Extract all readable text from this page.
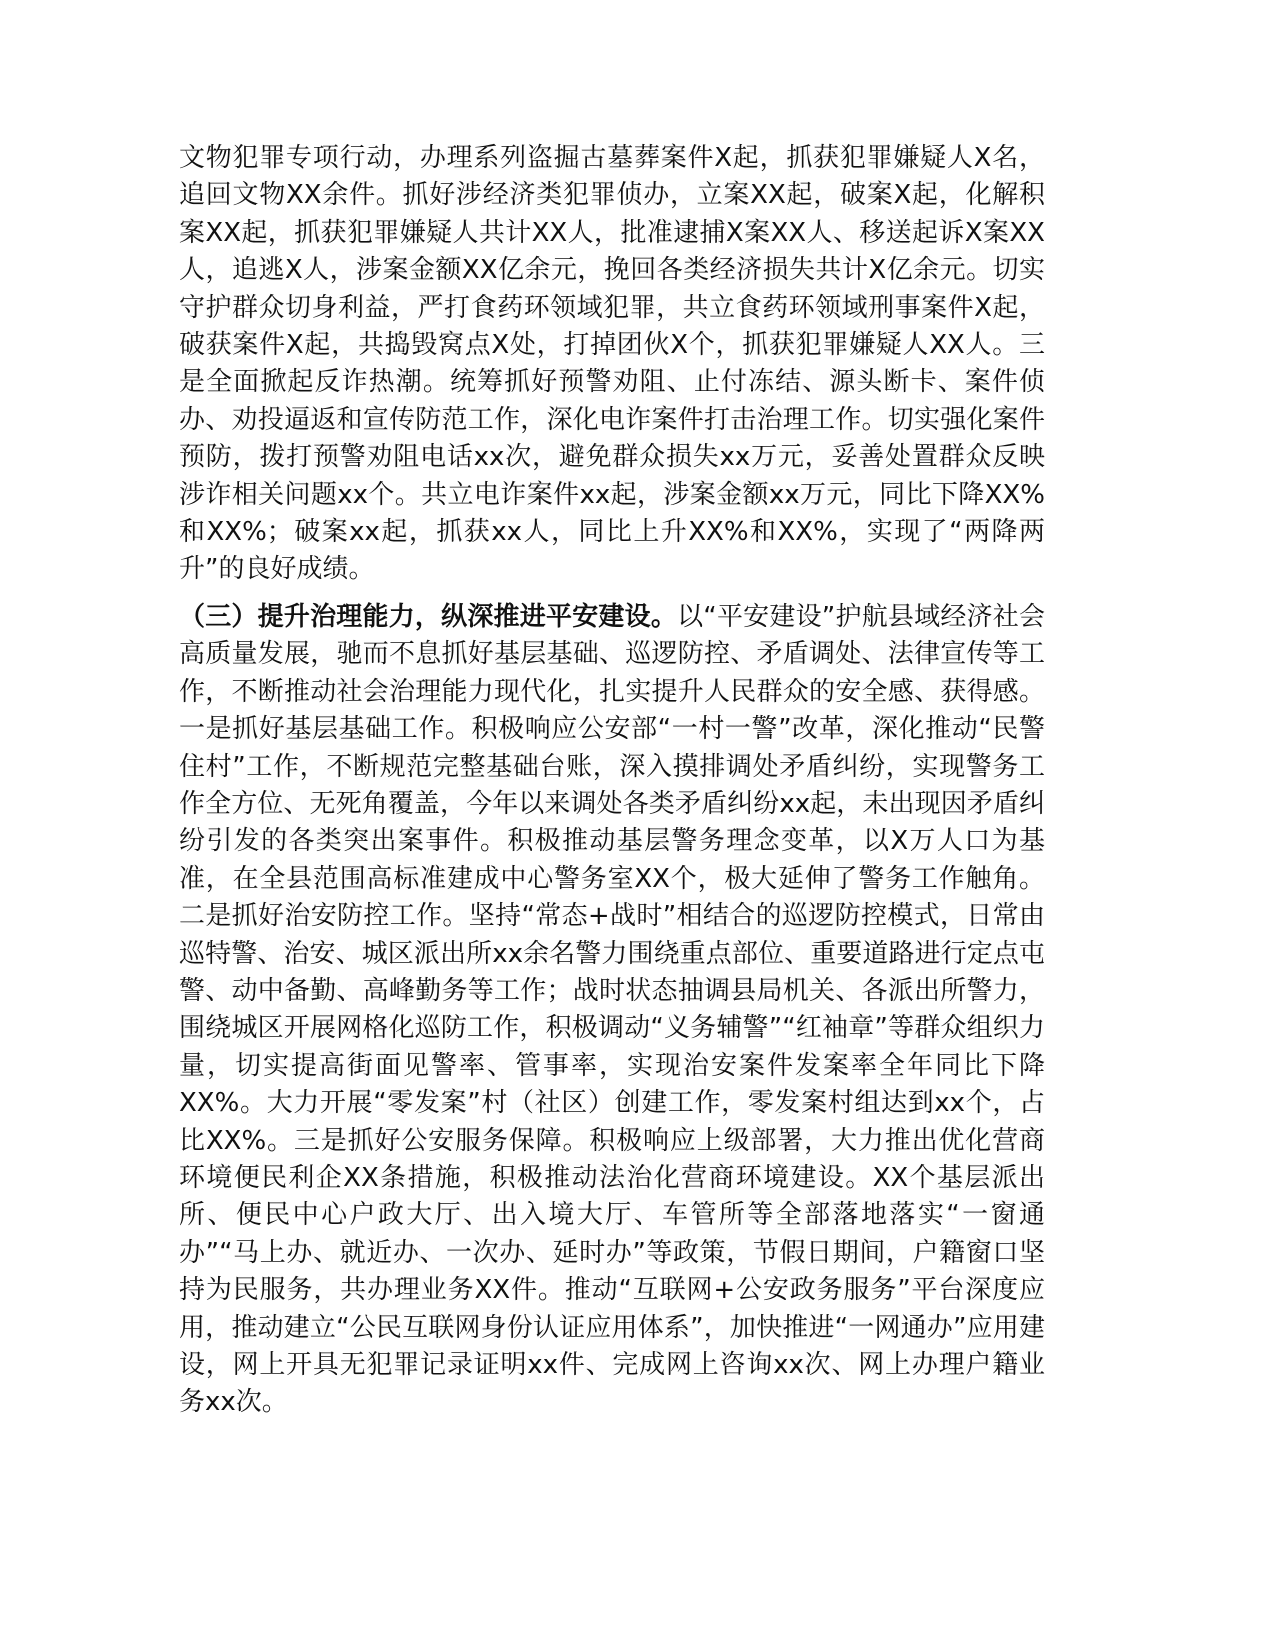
文物犯罪专项行动，办理系列盗掘古墓葬案件X起，抓获犯罪嫌疑人X名，追回文物XX余件。抓好涉经济类犯罪侦办，立案XX起，破案X起，化解积案XX起，抓获犯罪嫌疑人共计XX人，批准逮捕X案XX人、移送起诉X案XX人，追逃X人，涉案金额XX亿余元，挽回各类经济损失共计X亿余元。切实守护群众切身利益，严打食药环领域犯罪，共立食药环领域刑事案件X起，破获案件X起，共捣毁窝点X处，打掉团伙X个，抓获犯罪嫌疑人XX人。三是全面掀起反诈热潮。统筹抓好预警劝阻、止付冻结、源头断卡、案件侦办、劝投逼返和宣传防范工作，深化电诈案件打击治理工作。切实强化案件预防，拨打预警劝阻电话xx次，避免群众损失xx万元，妥善处置群众反映涉诈相关问题xx个。共立电诈案件xx起，涉案金额xx万元，同比下降XX%和XX%；破案xx起，抓获xx人，同比上升XX%和XX%，实现了“两降两升”的良好成绩。

（三）提升治理能力，纵深推进平安建设。以“平安建设”护航县域经济社会高质量发展，驰而不息抓好基层基础、巡逻防控、矛盾调处、法律宣传等工作，不断推动社会治理能力现代化，扎实提升人民群众的安全感、获得感。一是抓好基层基础工作。积极响应公安部“一村一警”改革，深化推动“民警住村”工作，不断规范完整基础台账，深入摸排调处矛盾纠纷，实现警务工作全方位、无死角覆盖，今年以来调处各类矛盾纠纷xx起，未出现因矛盾纠纷引发的各类突出案事件。积极推动基层警务理念变革，以X万人口为基准，在全县范围高标准建成中心警务室XX个，极大延伸了警务工作触角。二是抓好治安防控工作。坚持“常态+战时”相结合的巡逻防控模式，日常由巡特警、治安、城区派出所xx余名警力围绕重点部位、重要道路进行定点屯警、动中备勤、高峰勤务等工作；战时状态抽调县局机关、各派出所警力，围绕城区开展网格化巡防工作，积极调动“义务辅警”“红袖章”等群众组织力量，切实提高街面见警率、管事率，实现治安案件发案率全年同比下降XX%。大力开展“零发案”村（社区）创建工作，零发案村组达到xx个，占比XX%。三是抓好公安服务保障。积极响应上级部署，大力推出优化营商环境便民利企XX条措施，积极推动法治化营商环境建设。XX个基层派出所、便民中心户政大厅、出入境大厅、车管所等全部落地落实“一窗通办”“马上办、就近办、一次办、延时办”等政策，节假日期间，户籍窗口坚持为民服务，共办理业务XX件。推动“互联网+公安政务服务”平台深度应用，推动建立“公民互联网身份认证应用体系”，加快推进“一网通办”应用建设，网上开具无犯罪记录证明xx件、完成网上咨询xx次、网上办理户籍业务xx次。
